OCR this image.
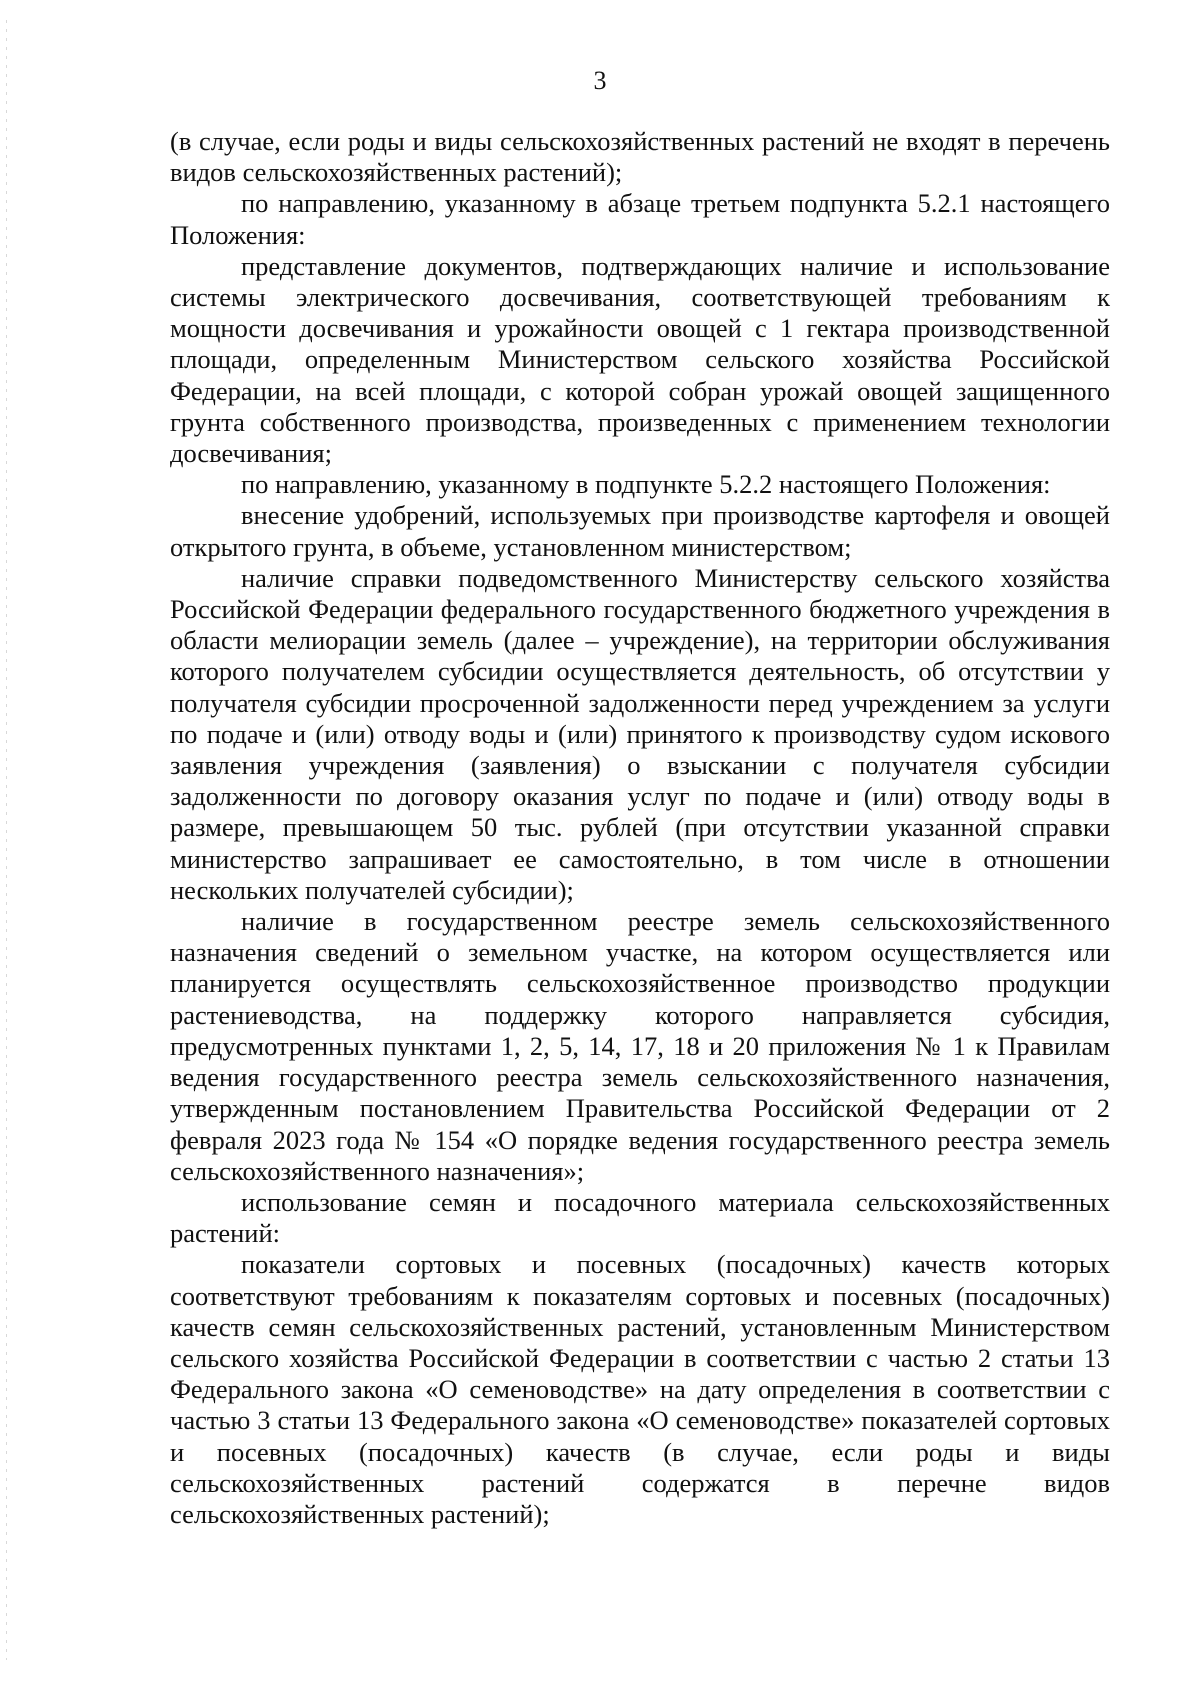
3

(в случае, если роды и виды сельскохозяйственных растений не входят в перечень видов сельскохозяйственных растений);

по направлению, указанному в абзаце третьем подпункта 5.2.1 настоящего Положения:

представление документов, подтверждающих наличие и использование системы электрического досвечивания, соответствующей требованиям к мощности досвечивания и урожайности овощей с 1 гектара производственной площади, определенным Министерством сельского хозяйства Российской Федерации, на всей площади, с которой собран урожай овощей защищенного грунта собственного производства, произведенных с применением технологии досвечивания;

по направлению, указанному в подпункте 5.2.2 настоящего Положения:

внесение удобрений, используемых при производстве картофеля и овощей открытого грунта, в объеме, установленном министерством;

наличие справки подведомственного Министерству сельского хозяйства Российской Федерации федерального государственного бюджетного учреждения в области мелиорации земель (далее – учреждение), на территории обслуживания которого получателем субсидии осуществляется деятельность, об отсутствии у получателя субсидии просроченной задолженности перед учреждением за услуги по подаче и (или) отводу воды и (или) принятого к производству судом искового заявления учреждения (заявления) о взыскании с получателя субсидии задолженности по договору оказания услуг по подаче и (или) отводу воды в размере, превышающем 50 тыс. рублей (при отсутствии указанной справки министерство запрашивает ее самостоятельно, в том числе в отношении нескольких получателей субсидии);

наличие в государственном реестре земель сельскохозяйственного назначения сведений о земельном участке, на котором осуществляется или планируется осуществлять сельскохозяйственное производство продукции растениеводства, на поддержку которого направляется субсидия, предусмотренных пунктами 1, 2, 5, 14, 17, 18 и 20 приложения № 1 к Правилам ведения государственного реестра земель сельскохозяйственного назначения, утвержденным постановлением Правительства Российской Федерации от 2 февраля 2023 года № 154 «О порядке ведения государственного реестра земель сельскохозяйственного назначения»;

использование семян и посадочного материала сельскохозяйственных растений:

показатели сортовых и посевных (посадочных) качеств которых соответствуют требованиям к показателям сортовых и посевных (посадочных) качеств семян сельскохозяйственных растений, установленным Министерством сельского хозяйства Российской Федерации в соответствии с частью 2 статьи 13 Федерального закона «О семеноводстве» на дату определения в соответствии с частью 3 статьи 13 Федерального закона «О семеноводстве» показателей сортовых и посевных (посадочных) качеств (в случае, если роды и виды сельскохозяйственных растений содержатся в перечне видов сельскохозяйственных растений);
